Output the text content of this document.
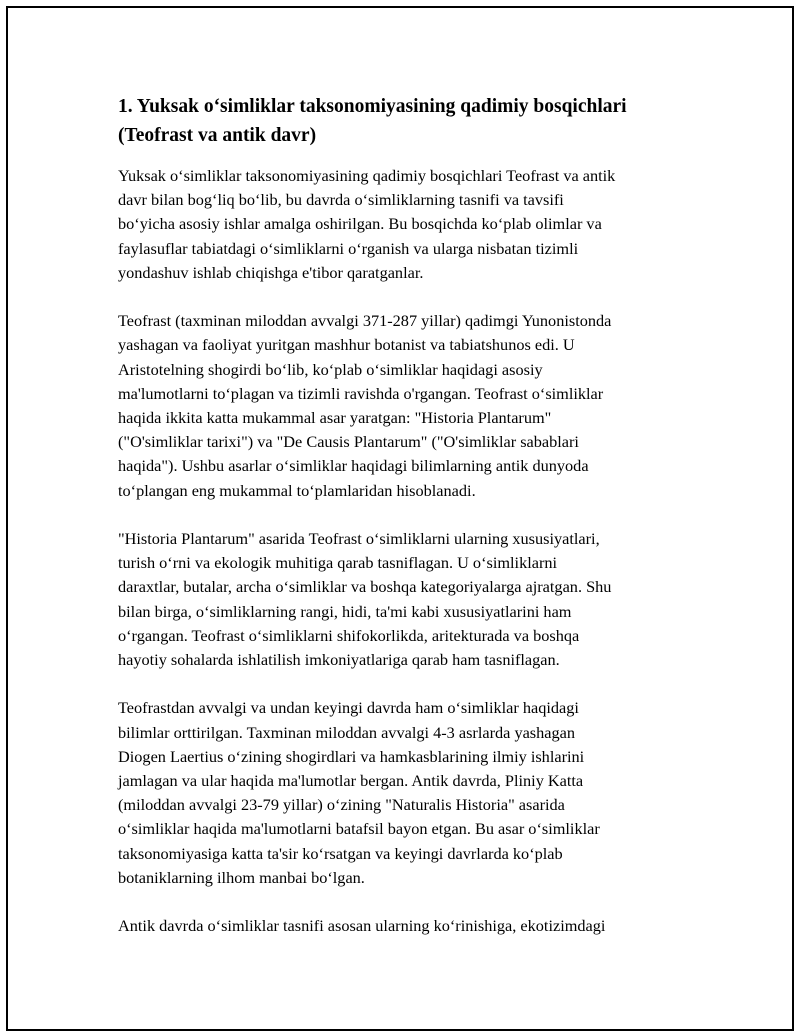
1. Yuksak o‘simliklar taksonomiyasining qadimiy bosqichlari
(Teofrast va antik davr)

Yuksak o‘simliklar taksonomiyasining qadimiy bosqichlari Teofrast va antik
davr bilan bog‘liq bo‘lib, bu davrda o‘simliklarning tasnifi va tavsifi
bo‘yicha asosiy ishlar amalga oshirilgan. Bu bosqichda ko‘plab olimlar va
faylasuflar tabiatdagi o‘simliklarni o‘rganish va ularga nisbatan tizimli
yondashuv ishlab chiqishga e'tibor qaratganlar.

Teofrast (taxminan miloddan avvalgi 371-287 yillar) qadimgi Yunonistonda
yashagan va faoliyat yuritgan mashhur botanist va tabiatshunos edi. U
Aristotelning shogirdi bo‘lib, ko‘plab o‘simliklar haqidagi asosiy
ma'lumotlarni to‘plagan va tizimli ravishda o'rgangan. Teofrast o‘simliklar
haqida ikkita katta mukammal asar yaratgan: "Historia Plantarum"
("O'simliklar tarixi") va "De Causis Plantarum" ("O'simliklar sabablari
haqida"). Ushbu asarlar o‘simliklar haqidagi bilimlarning antik dunyoda
to‘plangan eng mukammal to‘plamlaridan hisoblanadi.

"Historia Plantarum" asarida Teofrast o‘simliklarni ularning xususiyatlari,
turish o‘rni va ekologik muhitiga qarab tasniflagan. U o‘simliklarni
daraxtlar, butalar, archa o‘simliklar va boshqa kategoriyalarga ajratgan. Shu
bilan birga, o‘simliklarning rangi, hidi, ta'mi kabi xususiyatlarini ham
o‘rgangan. Teofrast o‘simliklarni shifokorlikda, aritekturada va boshqa
hayotiy sohalarda ishlatilish imkoniyatlariga qarab ham tasniflagan.

Teofrastdan avvalgi va undan keyingi davrda ham o‘simliklar haqidagi
bilimlar orttirilgan. Taxminan miloddan avvalgi 4-3 asrlarda yashagan
Diogen Laertius o‘zining shogirdlari va hamkasblarining ilmiy ishlarini
jamlagan va ular haqida ma'lumotlar bergan. Antik davrda, Pliniy Katta
(miloddan avvalgi 23-79 yillar) o‘zining "Naturalis Historia" asarida
o‘simliklar haqida ma'lumotlarni batafsil bayon etgan. Bu asar o‘simliklar
taksonomiyasiga katta ta'sir ko‘rsatgan va keyingi davrlarda ko‘plab
botaniklarning ilhom manbai bo‘lgan.

Antik davrda o‘simliklar tasnifi asosan ularning ko‘rinishiga, ekotizimdagi
